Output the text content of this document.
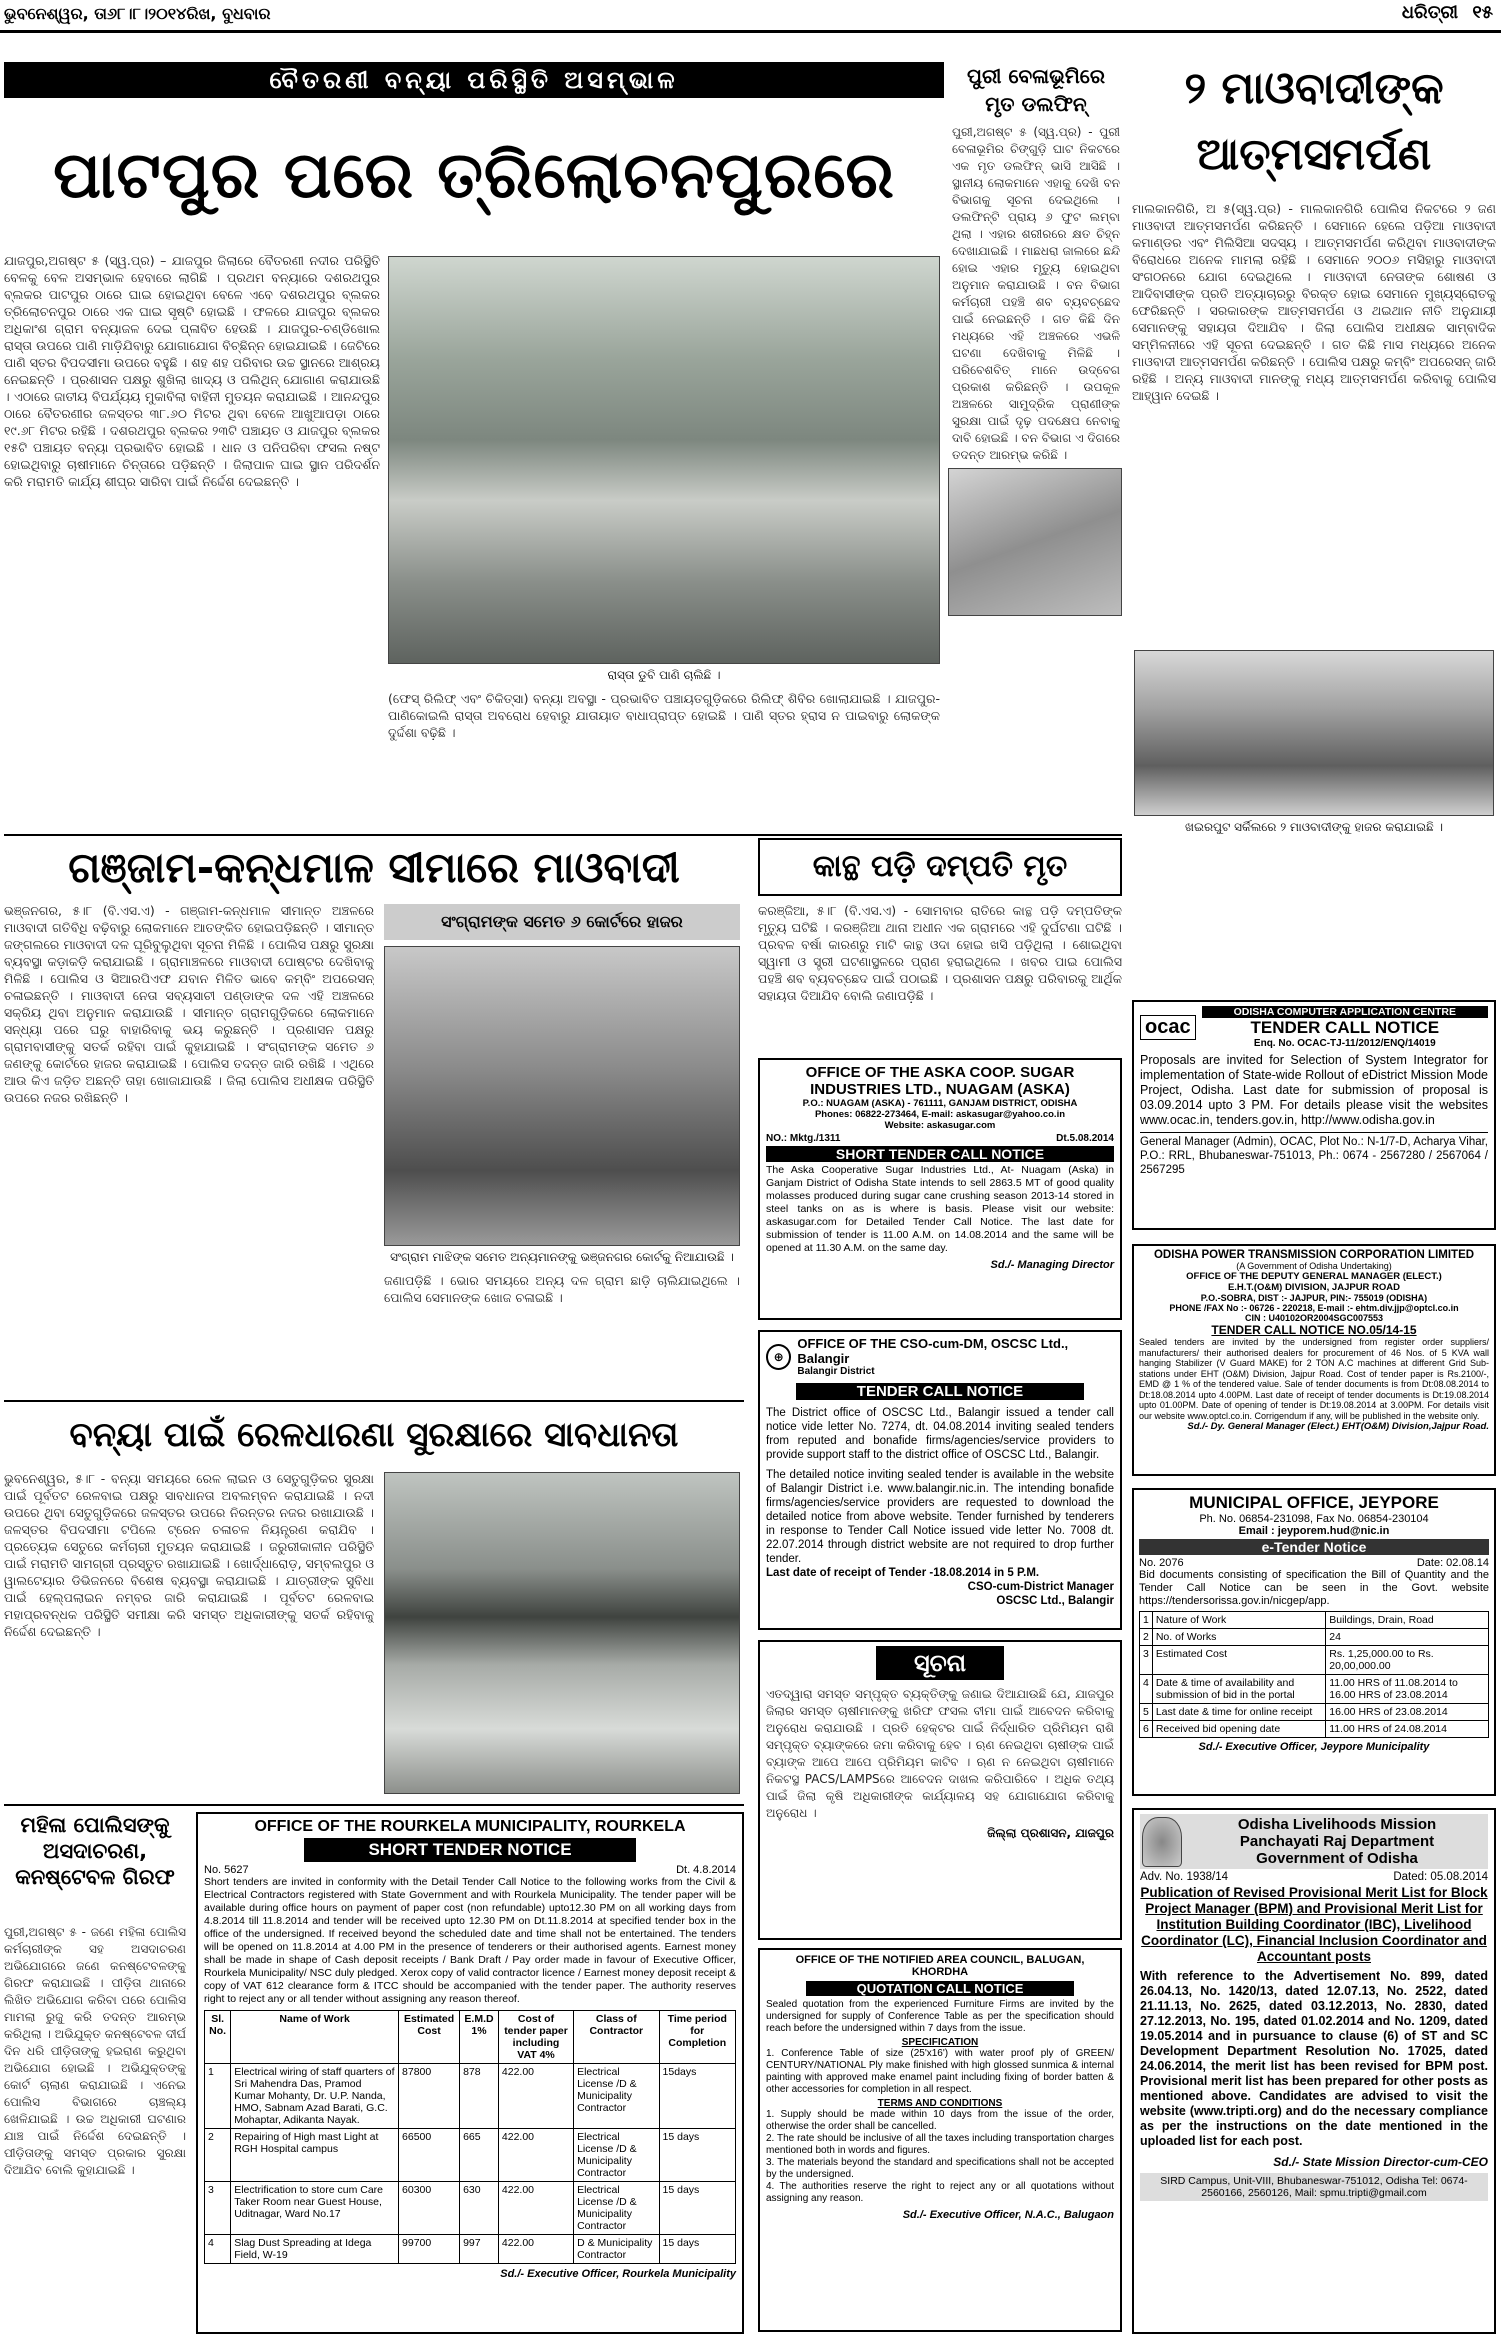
ଭୁବନେଶ୍ୱର, ତା୬୮।୮।୨୦୧୪ରିଖ, ବୁଧବାର	ଧରିତ୍ରୀ ୧୫
ବୈତରଣୀ ବନ୍ୟା ପରିସ୍ଥିତି ଅସମ୍ଭାଳ
ପାଟପୁର ପରେ ତ୍ରିଲୋଚନପୁରରେ
ଯାଜପୁର,ଅଗଷ୍ଟ ୫ (ସ୍ୱ.ପ୍ର) – ଯାଜପୁର ଜିଲାରେ ବୈତରଣୀ ନଦୀର ପରିସ୍ଥିତି ବେଳକୁ ବେଳ ଅସମ୍ଭାଳ ହେବାରେ ଲାଗିଛି । ପ୍ରଥମ ବନ୍ୟାରେ ଦଶରଥପୁର ବ୍ଲକର ପାଟପୁର ଠାରେ ଘାଇ ହୋଇଥିବା ବେଳେ ଏବେ ଦଶରଥପୁର ବ୍ଲକର ତ୍ରିଲୋଚନପୁର ଠାରେ ଏକ ଘାଇ ସୃଷ୍ଟି ହୋଇଛି । ଫଳରେ ଯାଜପୁର ବ୍ଲକର ଅଧିକାଂଶ ଗ୍ରାମ ବନ୍ୟାଜଳ ଦେଇ ପ୍ଳାବିତ ହେଉଛି । ଯାଜପୁର-ଚଣ୍ଡିଖୋଲ ରାସ୍ତା ଉପରେ ପାଣି ମାଡ଼ିଯିବାରୁ ଯୋଗାଯୋଗ ବିଚ୍ଛିନ୍ନ ହୋଇଯାଇଛି । ଜେଟିରେ ପାଣି ସ୍ତର ବିପଦସୀମା ଉପରେ ବହୁଛି । ଶହ ଶହ ପରିବାର ଉଚ୍ଚ ସ୍ଥାନରେ ଆଶ୍ରୟ ନେଇଛନ୍ତି । ପ୍ରଶାସନ ପକ୍ଷରୁ ଶୁଖିଲା ଖାଦ୍ୟ ଓ ପଲିଥିନ୍ ଯୋଗାଣ କରାଯାଉଛି । ଏଠାରେ ଜାତୀୟ ବିପର୍ଯ୍ୟୟ ମୁକାବିଲା ବାହିନୀ ମୁତୟନ କରାଯାଇଛି । ଆନନ୍ଦପୁର ଠାରେ ବୈତରଣୀର ଜଳସ୍ତର ୩୮.୬୦ ମିଟର ଥିବା ବେଳେ ଆଖୁଆପଡ଼ା ଠାରେ ୧୯.୬୮ ମିଟର ରହିଛି । ଦଶରଥପୁର ବ୍ଲକର ୨୩ଟି ପଞ୍ଚାୟତ ଓ ଯାଜପୁର ବ୍ଲକର ୧୫ଟି ପଞ୍ଚାୟତ ବନ୍ୟା ପ୍ରଭାବିତ ହୋଇଛି । ଧାନ ଓ ପନିପରିବା ଫସଲ ନଷ୍ଟ ହୋଇଥିବାରୁ ଚାଷୀମାନେ ଚିନ୍ତାରେ ପଡ଼ିଛନ୍ତି । ଜିଲାପାଳ ଘାଇ ସ୍ଥାନ ପରିଦର୍ଶନ କରି ମରାମତି କାର୍ଯ୍ୟ ଶୀଘ୍ର ସାରିବା ପାଇଁ ନିର୍ଦ୍ଦେଶ ଦେଇଛନ୍ତି ।
ରାସ୍ତା ଡୁବି ପାଣି ଚାଲିଛି ।
(ଫେସ୍ ରିଲିଫ୍ ଏବଂ ଚିକିତ୍ସା) ବନ୍ୟା ଅବସ୍ଥା - ପ୍ରଭାବିତ ପଞ୍ଚାୟତଗୁଡ଼ିକରେ ରିଲିଫ୍ ଶିବିର ଖୋଲାଯାଇଛି । ଯାଜପୁର-ପାଣିକୋଇଲି ରାସ୍ତା ଅବରୋଧ ହେବାରୁ ଯାତାୟାତ ବାଧାପ୍ରାପ୍ତ ହୋଇଛି । ପାଣି ସ୍ତର ହ୍ରାସ ନ ପାଇବାରୁ ଲୋକଙ୍କ ଦୁର୍ଦ୍ଦଶା ବଢ଼ିଛି ।
ପୁରୀ ବେଳାଭୂମିରେ ମୃତ ଡଲଫିନ୍
ପୁରୀ,ଅଗଷ୍ଟ ୫ (ସ୍ୱ.ପ୍ର) - ପୁରୀ ବେଳାଭୂମିର ଚିଙ୍ଗୁଡ଼ି ଘାଟ ନିକଟରେ ଏକ ମୃତ ଡଲଫିନ୍ ଭାସି ଆସିଛି । ସ୍ଥାନୀୟ ଲୋକମାନେ ଏହାକୁ ଦେଖି ବନ ବିଭାଗକୁ ସୂଚନା ଦେଇଥିଲେ । ଡଲଫିନ୍ଟି ପ୍ରାୟ ୬ ଫୁଟ ଲମ୍ବା ଥିଲା । ଏହାର ଶରୀରରେ କ୍ଷତ ଚିହ୍ନ ଦେଖାଯାଇଛି । ମାଛଧରା ଜାଲରେ ଛନ୍ଦି ହୋଇ ଏହାର ମୃତ୍ୟୁ ହୋଇଥିବା ଅନୁମାନ କରାଯାଉଛି । ବନ ବିଭାଗ କର୍ମଚାରୀ ପହଞ୍ଚି ଶବ ବ୍ୟବଚ୍ଛେଦ ପାଇଁ ନେଇଛନ୍ତି । ଗତ କିଛି ଦିନ ମଧ୍ୟରେ ଏହି ଅଞ୍ଚଳରେ ଏଭଳି ଘଟଣା ଦେଖିବାକୁ ମିଳିଛି । ପରିବେଶବିତ୍ ମାନେ ଉଦ୍ବେଗ ପ୍ରକାଶ କରିଛନ୍ତି । ଉପକୂଳ ଅଞ୍ଚଳରେ ସାମୁଦ୍ରିକ ପ୍ରାଣୀଙ୍କ ସୁରକ୍ଷା ପାଇଁ ଦୃଢ଼ ପଦକ୍ଷେପ ନେବାକୁ ଦାବି ହୋଇଛି । ବନ ବିଭାଗ ଏ ଦିଗରେ ତଦନ୍ତ ଆରମ୍ଭ କରିଛି ।
୨ ମାଓବାଦୀଙ୍କ
ଆତ୍ମସମର୍ପଣ
ମାଲକାନଗିରି, ଅ ୫(ସ୍ୱ.ପ୍ର) - ମାଲକାନଗିରି ପୋଲିସ ନିକଟରେ ୨ ଜଣ ମାଓବାଦୀ ଆତ୍ମସମର୍ପଣ କରିଛନ୍ତି । ସେମାନେ ହେଲେ ପଡ଼ିଆ ମାଓବାଦୀ କମାଣ୍ଡର ଏବଂ ମିଲିସିଆ ସଦସ୍ୟ । ଆତ୍ମସମର୍ପଣ କରିଥିବା ମାଓବାଦୀଙ୍କ ବିରୋଧରେ ଅନେକ ମାମଲା ରହିଛି । ସେମାନେ ୨୦୦୬ ମସିହାରୁ ମାଓବାଦୀ ସଂଗଠନରେ ଯୋଗ ଦେଇଥିଲେ । ମାଓବାଦୀ ନେତାଙ୍କ ଶୋଷଣ ଓ ଆଦିବାସୀଙ୍କ ପ୍ରତି ଅତ୍ୟାଚାରରୁ ବିରକ୍ତ ହୋଇ ସେମାନେ ମୁଖ୍ୟସ୍ରୋତକୁ ଫେରିଛନ୍ତି । ସରକାରଙ୍କ ଆତ୍ମସମର୍ପଣ ଓ ଥଇଥାନ ନୀତି ଅନୁଯାୟୀ ସେମାନଙ୍କୁ ସହାୟତା ଦିଆଯିବ । ଜିଲା ପୋଲିସ ଅଧୀକ୍ଷକ ସାମ୍ବାଦିକ ସମ୍ମିଳନୀରେ ଏହି ସୂଚନା ଦେଇଛନ୍ତି । ଗତ କିଛି ମାସ ମଧ୍ୟରେ ଅନେକ ମାଓବାଦୀ ଆତ୍ମସମର୍ପଣ କରିଛନ୍ତି । ପୋଲିସ ପକ୍ଷରୁ କମ୍ବିଂ ଅପରେସନ୍ ଜାରି ରହିଛି । ଅନ୍ୟ ମାଓବାଦୀ ମାନଙ୍କୁ ମଧ୍ୟ ଆତ୍ମସମର୍ପଣ କରିବାକୁ ପୋଲିସ ଆହ୍ୱାନ ଦେଇଛି ।
ଖଇରପୁଟ ସର୍କିଲରେ ୨ ମାଓବାଦୀଙ୍କୁ ହାଜର କରାଯାଇଛି ।
ଗଞ୍ଜାମ-କନ୍ଧମାଳ ସୀମାରେ ମାଓବାଦୀ
ଭଞ୍ଜନଗର, ୫।୮ (ବି.ଏସ.ଏ) - ଗଞ୍ଜାମ-କନ୍ଧମାଳ ସୀମାନ୍ତ ଅଞ୍ଚଳରେ ମାଓବାଦୀ ଗତିବିଧି ବଢ଼ିବାରୁ ଲୋକମାନେ ଆତଙ୍କିତ ହୋଇପଡ଼ିଛନ୍ତି । ସୀମାନ୍ତ ଜଙ୍ଗଲରେ ମାଓବାଦୀ ଦଳ ଘୂରିବୁଲୁଥିବା ସୂଚନା ମିଳିଛି । ପୋଲିସ ପକ୍ଷରୁ ସୁରକ୍ଷା ବ୍ୟବସ୍ଥା କଡ଼ାକଡ଼ି କରାଯାଇଛି । ଗ୍ରାମାଞ୍ଚଳରେ ମାଓବାଦୀ ପୋଷ୍ଟର ଦେଖିବାକୁ ମିଳିଛି । ପୋଲିସ ଓ ସିଆରପିଏଫ ଯବାନ ମିଳିତ ଭାବେ କମ୍ବିଂ ଅପରେସନ୍ ଚଳାଇଛନ୍ତି । ମାଓବାଦୀ ନେତା ସବ୍ୟସାଚୀ ପଣ୍ଡାଙ୍କ ଦଳ ଏହି ଅଞ୍ଚଳରେ ସକ୍ରିୟ ଥିବା ଅନୁମାନ କରାଯାଉଛି । ସୀମାନ୍ତ ଗ୍ରାମଗୁଡ଼ିକରେ ଲୋକମାନେ ସନ୍ଧ୍ୟା ପରେ ଘରୁ ବାହାରିବାକୁ ଭୟ କରୁଛନ୍ତି । ପ୍ରଶାସନ ପକ୍ଷରୁ ଗ୍ରାମବାସୀଙ୍କୁ ସତର୍କ ରହିବା ପାଇଁ କୁହାଯାଇଛି । ସଂଗ୍ରାମଙ୍କ ସମେତ ୬ ଜଣଙ୍କୁ କୋର୍ଟରେ ହାଜର କରାଯାଇଛି । ପୋଲିସ ତଦନ୍ତ ଜାରି ରଖିଛି । ଏଥିରେ ଆଉ କିଏ ଜଡ଼ିତ ଅଛନ୍ତି ତାହା ଖୋଜାଯାଉଛି । ଜିଲା ପୋଲିସ ଅଧୀକ୍ଷକ ପରିସ୍ଥିତି ଉପରେ ନଜର ରଖିଛନ୍ତି ।
ସଂଗ୍ରାମଙ୍କ ସମେତ ୬ କୋର୍ଟରେ ହାଜର
ସଂଗ୍ରାମ ମାଝିଙ୍କ ସମେତ ଅନ୍ୟମାନଙ୍କୁ ଭଞ୍ଜନଗର କୋର୍ଟକୁ ନିଆଯାଉଛି ।
ଜଣାପଡ଼ିଛି । ଭୋର ସମୟରେ ଅନ୍ୟ ଦଳ ଗ୍ରାମ ଛାଡ଼ି ଚାଲିଯାଇଥିଲେ । ପୋଲିସ ସେମାନଙ୍କ ଖୋଜ ଚଳାଇଛି ।
କାନ୍ଥ ପଡ଼ି ଦମ୍ପତି ମୃତ
କରଞ୍ଜିଆ, ୫।୮ (ବି.ଏସ.ଏ) - ସୋମବାର ରାତିରେ କାନ୍ଥ ପଡ଼ି ଦମ୍ପତିଙ୍କ ମୃତ୍ୟୁ ଘଟିଛି । କରଞ୍ଜିଆ ଥାନା ଅଧୀନ ଏକ ଗ୍ରାମରେ ଏହି ଦୁର୍ଘଟଣା ଘଟିଛି । ପ୍ରବଳ ବର୍ଷା କାରଣରୁ ମାଟି କାନ୍ଥ ଓଦା ହୋଇ ଖସି ପଡ଼ିଥିଲା । ଶୋଇଥିବା ସ୍ୱାମୀ ଓ ସ୍ତ୍ରୀ ଘଟଣାସ୍ଥଳରେ ପ୍ରାଣ ହରାଇଥିଲେ । ଖବର ପାଇ ପୋଲିସ ପହଞ୍ଚି ଶବ ବ୍ୟବଚ୍ଛେଦ ପାଇଁ ପଠାଇଛି । ପ୍ରଶାସନ ପକ୍ଷରୁ ପରିବାରକୁ ଆର୍ଥିକ ସହାୟତା ଦିଆଯିବ ବୋଲି ଜଣାପଡ଼ିଛି ।
OFFICE OF THE ASKA COOP. SUGAR INDUSTRIES LTD., NUAGAM (ASKA)
P.O.: NUAGAM (ASKA) - 761111, GANJAM DISTRICT, ODISHA
Phones: 06822-273464, E-mail: askasugar@yahoo.co.in
Website: askasugar.com
NO.: Mktg./1311	Dt.5.08.2014
SHORT TENDER CALL NOTICE
The Aska Cooperative Sugar Industries Ltd., At- Nuagam (Aska) in Ganjam District of Odisha State intends to sell 2863.5 MT of good quality molasses produced during sugar cane crushing season 2013-14 stored in steel tanks on as is where is basis. Please visit our website: askasugar.com for Detailed Tender Call Notice. The last date for submission of tender is 11.00 A.M. on 14.08.2014 and the same will be opened at 11.30 A.M. on the same day.
Sd./- Managing Director
⊕
OFFICE OF THE CSO-cum-DM, OSCSC Ltd., Balangir
Balangir District
TENDER CALL NOTICE
The District office of OSCSC Ltd., Balangir issued a tender call notice vide letter No. 7274, dt. 04.08.2014 inviting sealed tenders from reputed and bonafide firms/agencies/service providers to provide support staff to the district office of OSCSC Ltd., Balangir.
The detailed notice inviting sealed tender is available in the website of Balangir District i.e. www.balangir.nic.in. The intending bonafide firms/agencies/service providers are requested to download the detailed notice from above website. Tender furnished by tenderers in response to Tender Call Notice issued vide letter No. 7008 dt. 22.07.2014 through district website are not required to drop further tender.
Last date of receipt of Tender -18.08.2014 in 5 P.M.
CSO-cum-District Manager
OSCSC Ltd., Balangir
ସୂଚନା
ଏତଦ୍ୱାରା ସମସ୍ତ ସମ୍ପୃକ୍ତ ବ୍ୟକ୍ତିଙ୍କୁ ଜଣାଇ ଦିଆଯାଉଛି ଯେ, ଯାଜପୁର ଜିଲାର ସମସ୍ତ ଚାଷୀମାନଙ୍କୁ ଖରିଫ ଫସଲ ବୀମା ପାଇଁ ଆବେଦନ କରିବାକୁ ଅନୁରୋଧ କରାଯାଉଛି । ପ୍ରତି ହେକ୍ଟର ପାଇଁ ନିର୍ଦ୍ଧାରିତ ପ୍ରିମିୟମ ରାଶି ସମ୍ପୃକ୍ତ ବ୍ୟାଙ୍କରେ ଜମା କରିବାକୁ ହେବ । ଋଣ ନେଇଥିବା ଚାଷୀଙ୍କ ପାଇଁ ବ୍ୟାଙ୍କ ଆପେ ଆପେ ପ୍ରିମିୟମ କାଟିବ । ଋଣ ନ ନେଇଥିବା ଚାଷୀମାନେ ନିକଟସ୍ଥ PACS/LAMPSରେ ଆବେଦନ ଦାଖଲ କରିପାରିବେ । ଅଧିକ ତଥ୍ୟ ପାଇଁ ଜିଲା କୃଷି ଅଧିକାରୀଙ୍କ କାର୍ଯ୍ୟାଳୟ ସହ ଯୋଗାଯୋଗ କରିବାକୁ ଅନୁରୋଧ ।
ଜିଲ୍ଲା ପ୍ରଶାସନ, ଯାଜପୁର
OFFICE OF THE NOTIFIED AREA COUNCIL, BALUGAN, KHORDHA
QUOTATION CALL NOTICE
Sealed quotation from the experienced Furniture Firms are invited by the undersigned for supply of Conference Table as per the specification should reach before the undersigned within 7 days from the issue.
SPECIFICATION
1. Conference Table of size (25'x16') with water proof ply of GREEN/ CENTURY/NATIONAL Ply make finished with high glossed sunmica & internal painting with approved make enamel paint including fixing of border batten & other accessories for completion in all respect.
TERMS AND CONDITIONS
1. Supply should be made within 10 days from the issue of the order, otherwise the order shall be cancelled.
2. The rate should be inclusive of all the taxes including transportation charges mentioned both in words and figures.
3. The materials beyond the standard and specifications shall not be accepted by the undersigned.
4. The authorities reserve the right to reject any or all quotations without assigning any reason.
Sd./- Executive Officer, N.A.C., Balugaon
ବନ୍ୟା ପାଇଁ ରେଳଧାରଣା ସୁରକ୍ଷାରେ ସାବଧାନତା
ଭୁବନେଶ୍ୱର, ୫।୮ - ବନ୍ୟା ସମୟରେ ରେଳ ଲାଇନ ଓ ସେତୁଗୁଡ଼ିକର ସୁରକ୍ଷା ପାଇଁ ପୂର୍ବତଟ ରେଳବାଇ ପକ୍ଷରୁ ସାବଧାନତା ଅବଲମ୍ବନ କରାଯାଇଛି । ନଦୀ ଉପରେ ଥିବା ସେତୁଗୁଡ଼ିକରେ ଜଳସ୍ତର ଉପରେ ନିରନ୍ତର ନଜର ରଖାଯାଉଛି । ଜଳସ୍ତର ବିପଦସୀମା ଟପିଲେ ଟ୍ରେନ ଚଳାଚଳ ନିୟନ୍ତ୍ରଣ କରାଯିବ । ପ୍ରତ୍ୟେକ ସେତୁରେ କର୍ମଚାରୀ ମୁତୟନ କରାଯାଇଛି । ଜରୁରୀକାଳୀନ ପରିସ୍ଥିତି ପାଇଁ ମରାମତି ସାମଗ୍ରୀ ପ୍ରସ୍ତୁତ ରଖାଯାଇଛି । ଖୋର୍ଦ୍ଧାରୋଡ଼, ସମ୍ବଲପୁର ଓ ୱାଲଟେୟାର ଡିଭିଜନରେ ବିଶେଷ ବ୍ୟବସ୍ଥା କରାଯାଇଛି । ଯାତ୍ରୀଙ୍କ ସୁବିଧା ପାଇଁ ହେଲ୍ପଲାଇନ ନମ୍ବର ଜାରି କରାଯାଇଛି । ପୂର୍ବତଟ ରେଳବାଇ ମହାପ୍ରବନ୍ଧକ ପରିସ୍ଥିତି ସମୀକ୍ଷା କରି ସମସ୍ତ ଅଧିକାରୀଙ୍କୁ ସତର୍କ ରହିବାକୁ ନିର୍ଦ୍ଦେଶ ଦେଇଛନ୍ତି ।
ମହିଳା ପୋଲିସଙ୍କୁ ଅସଦାଚରଣ, କନଷ୍ଟେବଳ ଗିରଫ
ପୁରୀ,ଅଗଷ୍ଟ ୫ - ଜଣେ ମହିଳା ପୋଲିସ କର୍ମଚାରୀଙ୍କ ସହ ଅସଦାଚରଣ ଅଭିଯୋଗରେ ଜଣେ କନଷ୍ଟେବଳଙ୍କୁ ଗିରଫ କରାଯାଇଛି । ପୀଡ଼ିତା ଥାନାରେ ଲିଖିତ ଅଭିଯୋଗ କରିବା ପରେ ପୋଲିସ ମାମଲା ରୁଜୁ କରି ତଦନ୍ତ ଆରମ୍ଭ କରିଥିଲା । ଅଭିଯୁକ୍ତ କନଷ୍ଟେବଳ ଦୀର୍ଘ ଦିନ ଧରି ପୀଡ଼ିତାଙ୍କୁ ହଇରାଣ କରୁଥିବା ଅଭିଯୋଗ ହୋଇଛି । ଅଭିଯୁକ୍ତଙ୍କୁ କୋର୍ଟ ଚାଲାଣ କରାଯାଇଛି । ଏନେଇ ପୋଲିସ ବିଭାଗରେ ଚାଞ୍ଚଲ୍ୟ ଖେଳିଯାଇଛି । ଉଚ୍ଚ ଅଧିକାରୀ ଘଟଣାର ଯାଞ୍ଚ ପାଇଁ ନିର୍ଦ୍ଦେଶ ଦେଇଛନ୍ତି । ପୀଡ଼ିତାଙ୍କୁ ସମସ୍ତ ପ୍ରକାର ସୁରକ୍ଷା ଦିଆଯିବ ବୋଲି କୁହାଯାଇଛି ।
OFFICE OF THE ROURKELA MUNICIPALITY, ROURKELA
SHORT TENDER NOTICE
No. 5627	Dt. 4.8.2014
Short tenders are invited in conformity with the Detail Tender Call Notice to the following works from the Civil & Electrical Contractors registered with State Government and with Rourkela Municipality. The tender paper will be available during office hours on payment of paper cost (non refundable) upto12.30 PM on all working days from 4.8.2014 till 11.8.2014 and tender will be received upto 12.30 PM on Dt.11.8.2014 at specified tender box in the office of the undersigned. If received beyond the scheduled date and time shall not be entertained. The tenders will be opened on 11.8.2014 at 4.00 PM in the presence of tenderers or their authorised agents. Earnest money shall be made in shape of Cash deposit receipts / Bank Draft / Pay order made in favour of Executive Officer, Rourkela Municipality/ NSC duly pledged. Xerox copy of valid contractor licence / Earnest money deposit receipt & copy of VAT 612 clearance form & ITCC should be accompanied with the tender paper. The authority reserves right to reject any or all tender without assigning any reason thereof.
Sl. No.	Name of Work	Estimated Cost	E.M.D 1%	Cost of tender paper including VAT 4%	Class of Contractor	Time period for Completion
1	Electrical wiring of staff quarters of Sri Mahendra Das, Pramod Kumar Mohanty, Dr. U.P. Nanda, HMO, Sabnam Azad Barati, G.C. Mohaptar, Adikanta Nayak.	87800	878	422.00	Electrical License /D & Municipality Contractor	15days
2	Repairing of High mast Light at RGH Hospital campus	66500	665	422.00	Electrical License /D & Municipality Contractor	15 days
3	Electrification to store cum Care Taker Room near Guest House, Uditnagar, Ward No.17	60300	630	422.00	Electrical License /D & Municipality Contractor	15 days
4	Slag Dust Spreading at Idega Field, W-19	99700	997	422.00	D & Municipality Contractor	15 days
Sd./- Executive Officer, Rourkela Municipality
ocac
ODISHA COMPUTER APPLICATION CENTRE
TENDER CALL NOTICE
Enq. No. OCAC-TJ-11/2012/ENQ/14019
Proposals are invited for Selection of System Integrator for implementation of State-wide Rollout of eDistrict Mission Mode Project, Odisha. Last date for submission of proposal is 03.09.2014 upto 3 PM. For details please visit the websites www.ocac.in, tenders.gov.in, http://www.odisha.gov.in
General Manager (Admin), OCAC, Plot No.: N-1/7-D, Acharya Vihar, P.O.: RRL, Bhubaneswar-751013, Ph.: 0674 - 2567280 / 2567064 / 2567295
ODISHA POWER TRANSMISSION CORPORATION LIMITED
(A Government of Odisha Undertaking)
OFFICE OF THE DEPUTY GENERAL MANAGER (ELECT.)
E.H.T.(O&M) DIVISION, JAJPUR ROAD
P.O.-SOBRA, DIST :- JAJPUR, PIN:- 755019 (ODISHA)
PHONE /FAX No :- 06726 - 220218, E-mail :- ehtm.div.jjp@optcl.co.in
CIN : U40102OR2004SGC007553
TENDER CALL NOTICE NO.05/14-15
Sealed tenders are invited by the undersigned from register order suppliers/ manufacturers/ their authorised dealers for procurement of 46 Nos. of 5 KVA wall hanging Stabilizer (V Guard MAKE) for 2 TON A.C machines at different Grid Sub-stations under EHT (O&M) Division, Jajpur Road. Cost of tender paper is Rs.2100/-, EMD @ 1 % of the tendered value. Sale of tender documents is from Dt:08.08.2014 to Dt:18.08.2014 upto 4.00PM. Last date of receipt of tender documents is Dt:19.08.2014 upto 01.00PM. Date of opening of tender is Dt:19.08.2014 at 3.00PM. For details visit our website www.optcl.co.in. Corrigendum if any, will be published in the website only.
Sd./- Dy. General Manager (Elect.) EHT(O&M) Division,Jajpur Road.
MUNICIPAL OFFICE, JEYPORE
Ph. No. 06854-231098, Fax No. 06854-230104
Email : jeyporem.hud@nic.in
e-Tender Notice
No. 2076	Date: 02.08.14
Bid documents consisting of specification the Bill of Quantity and the Tender Call Notice can be seen in the Govt. website https://tendersorissa.gov.in/nicgep/app.
1	Nature of Work	Buildings, Drain, Road
2	No. of Works	24
3	Estimated Cost	Rs. 1,25,000.00 to Rs. 20,00,000.00
4	Date & time of availability and submission of bid in the portal	11.00 HRS of 11.08.2014 to 16.00 HRS of 23.08.2014
5	Last date & time for online receipt	16.00 HRS of 23.08.2014
6	Received bid opening date	11.00 HRS of 24.08.2014
Sd./- Executive Officer, Jeypore Municipality
Odisha Livelihoods Mission
Panchayati Raj Department
Government of Odisha
Adv. No. 1938/14	Dated: 05.08.2014
Publication of Revised Provisional Merit List for Block Project Manager (BPM) and Provisional Merit List for Institution Building Coordinator (IBC), Livelihood Coordinator (LC), Financial Inclusion Coordinator and Accountant posts
With reference to the Advertisement No. 899, dated 26.04.13, No. 1420/13, dated 12.07.13, No. 2522, dated 21.11.13, No. 2625, dated 03.12.2013, No. 2830, dated 27.12.2013, No. 195, dated 01.02.2014 and No. 1209, dated 19.05.2014 and in pursuance to clause (6) of ST and SC Development Department Resolution No. 17025, dated 24.06.2014, the merit list has been revised for BPM post. Provisional merit list has been prepared for other posts as mentioned above. Candidates are advised to visit the website (www.tripti.org) and do the necessary compliance as per the instructions on the date mentioned in the uploaded list for each post.
Sd./- State Mission Director-cum-CEO
SIRD Campus, Unit-VIII, Bhubaneswar-751012, Odisha Tel: 0674-2560166, 2560126, Mail: spmu.tripti@gmail.com
